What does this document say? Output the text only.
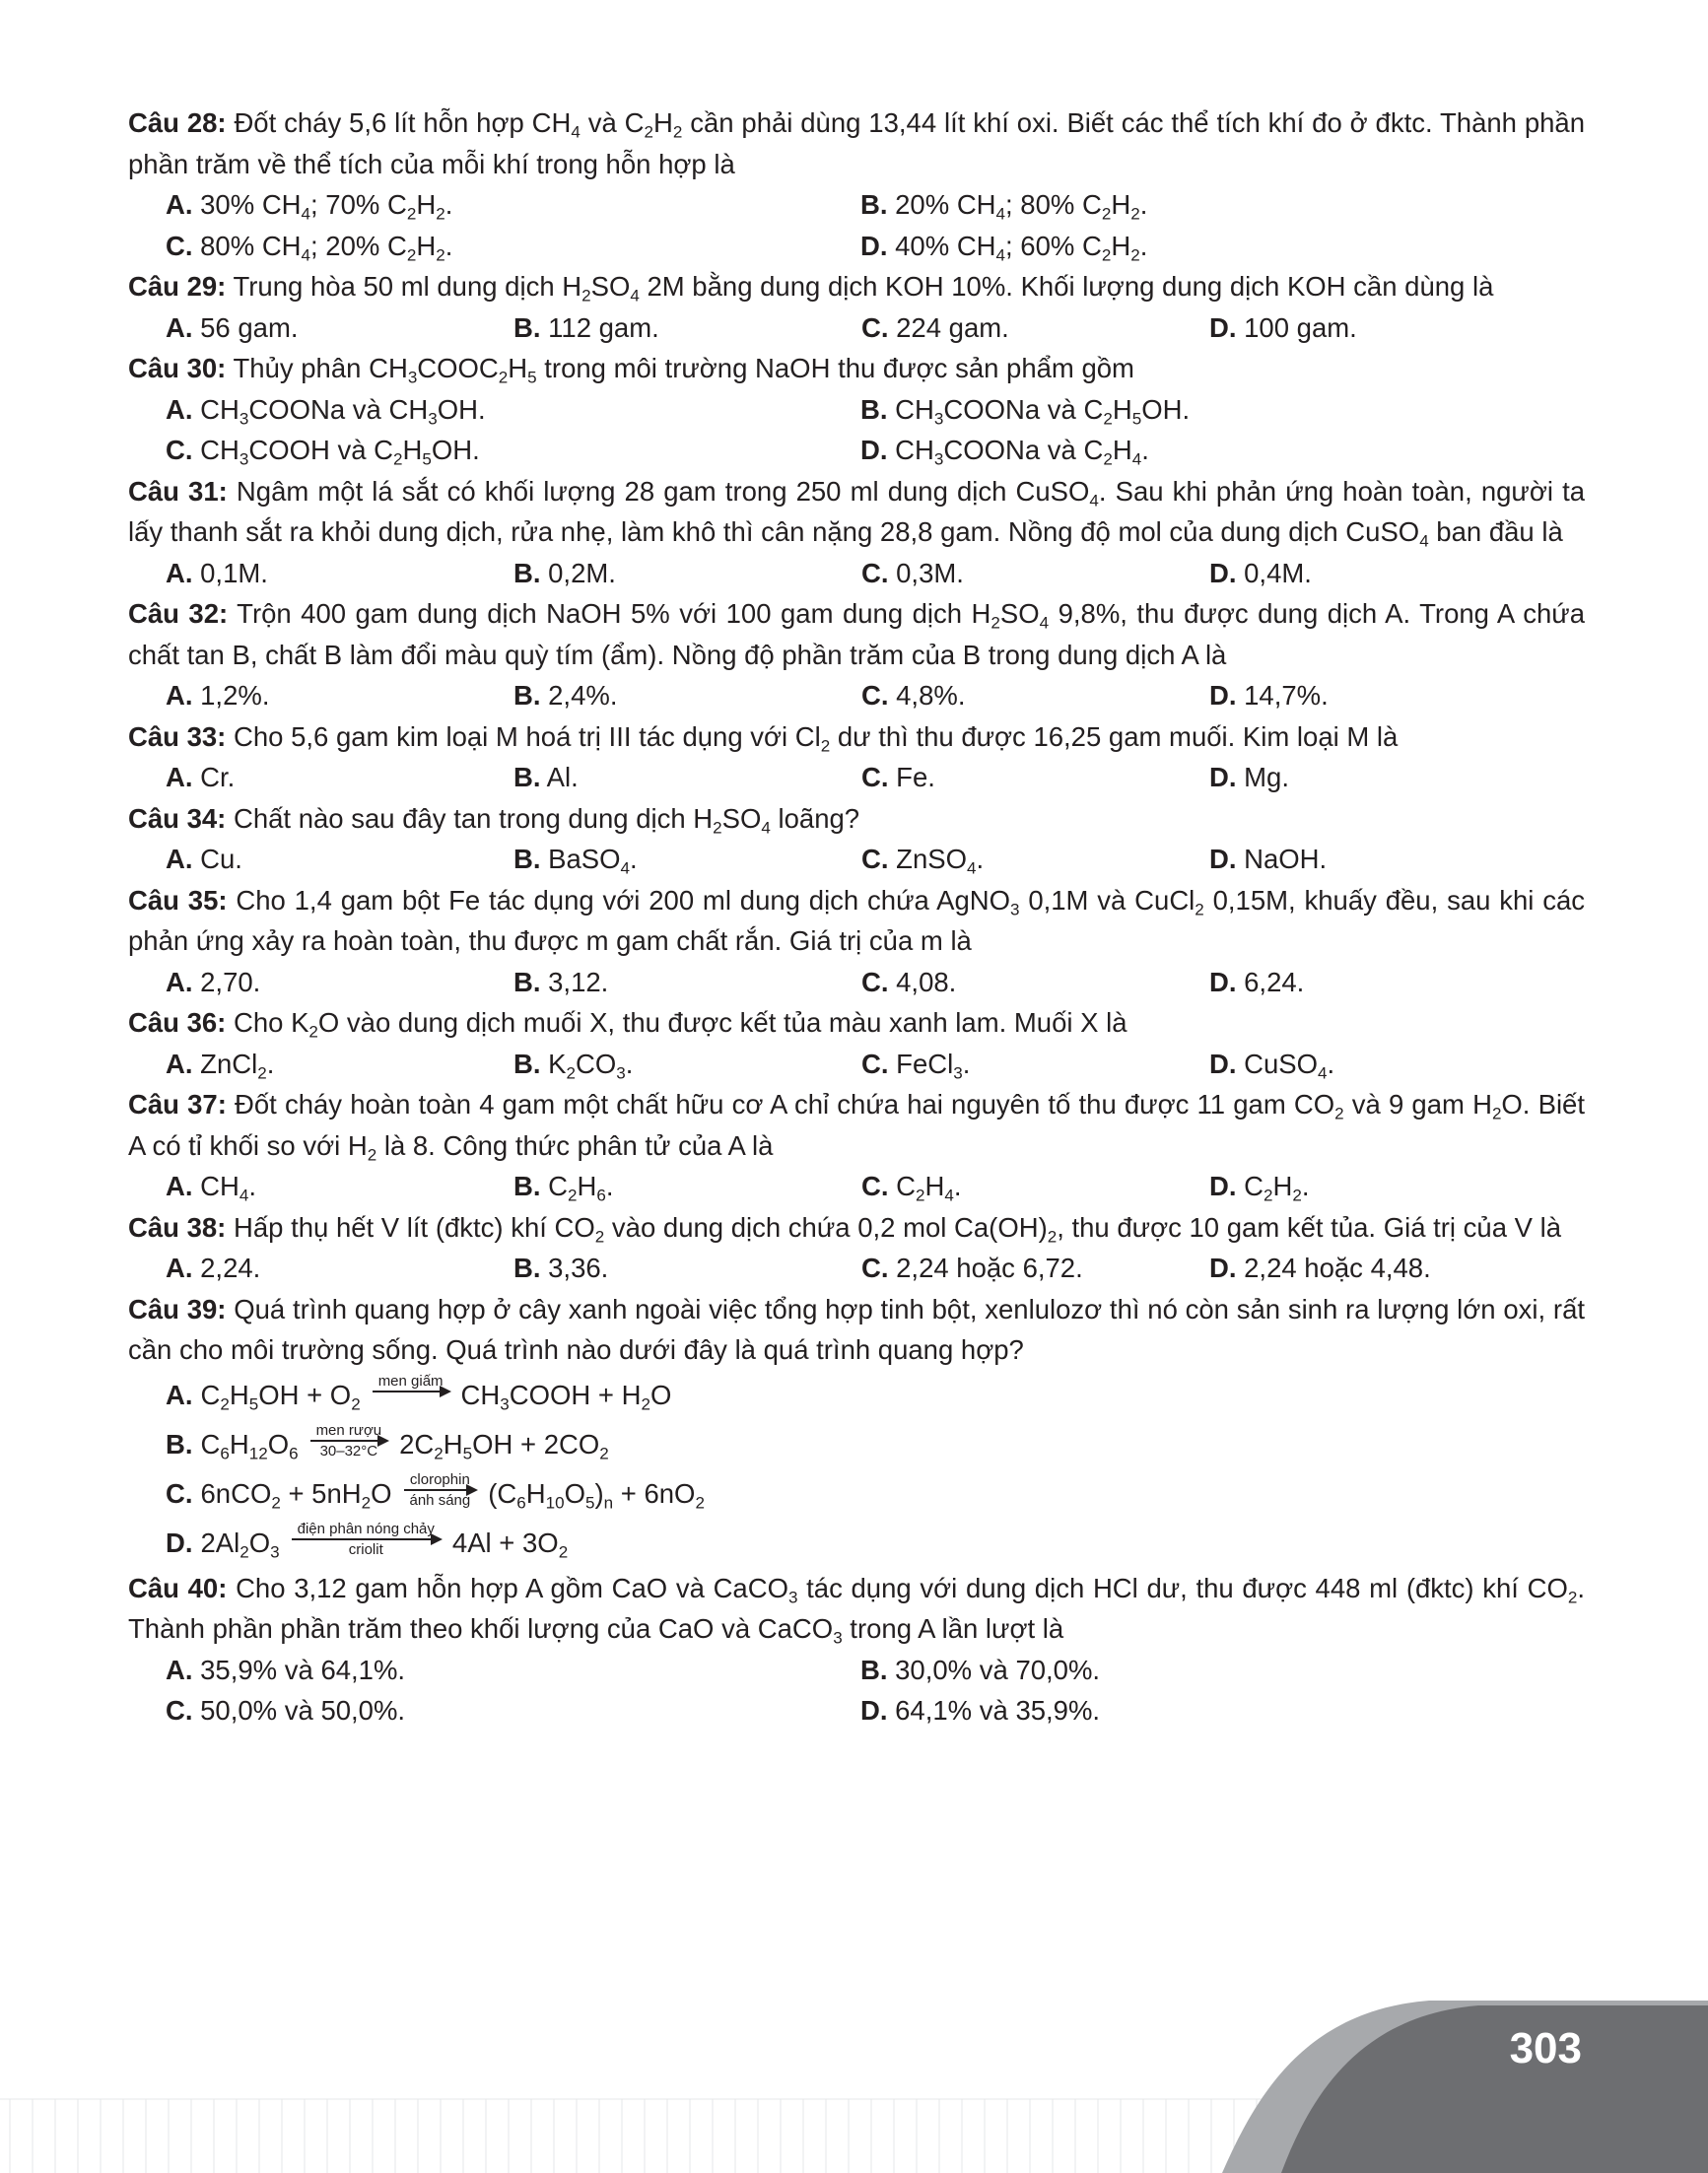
Câu 28: Đốt cháy 5,6 lít hỗn hợp $CH_4$ và $C_2H_2$ cần phải dùng 13,44 lít khí oxi. Biết các thể tích khí đo ở đktc. Thành phần phần trăm về thể tích của mỗi khí trong hỗn hợp là
A. 30% $CH_4$; 70% $C_2H_2$.	B. 20% $CH_4$; 80% $C_2H_2$.
C. 80% $CH_4$; 20% $C_2H_2$.	D. 40% $CH_4$; 60% $C_2H_2$.
Câu 29: Trung hòa 50 ml dung dịch $H_2SO_4$ 2M bằng dung dịch KOH 10%. Khối lượng dung dịch KOH cần dùng là
A. 56 gam.	B. 112 gam.	C. 224 gam.	D. 100 gam.
Câu 30: Thủy phân $CH_3COOC_2H_5$ trong môi trường NaOH thu được sản phẩm gồm
A. $CH_3COONa$ và $CH_3OH$.	B. $CH_3COONa$ và $C_2H_5OH$.
C. $CH_3COOH$ và $C_2H_5OH$.	D. $CH_3COONa$ và $C_2H_4$.
Câu 31: Ngâm một lá sắt có khối lượng 28 gam trong 250 ml dung dịch CuSO$_4$. Sau khi phản ứng hoàn toàn, người ta lấy thanh sắt ra khỏi dung dịch, rửa nhẹ, làm khô thì cân nặng 28,8 gam. Nồng độ mol của dung dịch CuSO$_4$ ban đầu là
A. 0,1M.	B. 0,2M.	C. 0,3M.	D. 0,4M.
Câu 32: Trộn 400 gam dung dịch NaOH 5% với 100 gam dung dịch $H_2SO_4$ 9,8%, thu được dung dịch A. Trong A chứa chất tan B, chất B làm đổi màu quỳ tím (ẩm). Nồng độ phần trăm của B trong dung dịch A là
A. 1,2%.	B. 2,4%.	C. 4,8%.	D. 14,7%.
Câu 33: Cho 5,6 gam kim loại M hoá trị III tác dụng với $Cl_2$ dư thì thu được 16,25 gam muối. Kim loại M là
A. Cr.	B. Al.	C. Fe.	D. Mg.
Câu 34: Chất nào sau đây tan trong dung dịch $H_2SO_4$ loãng?
A. Cu.	B. BaSO$_4$.	C. ZnSO$_4$.	D. NaOH.
Câu 35: Cho 1,4 gam bột Fe tác dụng với 200 ml dung dịch chứa AgNO$_3$ 0,1M và CuCl$_2$ 0,15M, khuấy đều, sau khi các phản ứng xảy ra hoàn toàn, thu được m gam chất rắn. Giá trị của m là
A. 2,70.	B. 3,12.	C. 4,08.	D. 6,24.
Câu 36: Cho $K_2O$ vào dung dịch muối X, thu được kết tủa màu xanh lam. Muối X là
A. ZnCl$_2$.	B. $K_2CO_3$.	C. FeCl$_3$.	D. CuSO$_4$.
Câu 37: Đốt cháy hoàn toàn 4 gam một chất hữu cơ A chỉ chứa hai nguyên tố thu được 11 gam $CO_2$ và 9 gam $H_2O$. Biết A có tỉ khối so với $H_2$ là 8. Công thức phân tử của A là
A. $CH_4$.	B. $C_2H_6$.	C. $C_2H_4$.	D. $C_2H_2$.
Câu 38: Hấp thụ hết V lít (đktc) khí $CO_2$ vào dung dịch chứa 0,2 mol $Ca(OH)_2$, thu được 10 gam kết tủa. Giá trị của V là
A. 2,24.	B. 3,36.	C. 2,24 hoặc 6,72.	D. 2,24 hoặc 4,48.
Câu 39: Quá trình quang hợp ở cây xanh ngoài việc tổng hợp tinh bột, xenlulozơ thì nó còn sản sinh ra lượng lớn oxi, rất cần cho môi trường sống. Quá trình nào dưới đây là quá trình quang hợp?
A. $C_2H_5OH + O_2$
men giấm $CH_3COOH + H_2O$
B. $C_6H_{12}O_6$
men rượu
30–32°C $2C_2H_5OH + 2CO_2$
C. $6nCO_2 + 5nH_2O$	clorophin
ánh sáng $(C_6H_{10}O_5)_n + 6nO_2$
D. $2Al_2O_3$
điện phân nóng chảy
criolit	$4Al + 3O_2$
Câu 40: Cho 3,12 gam hỗn hợp A gồm CaO và CaCO$_3$ tác dụng với dung dịch HCl dư, thu được 448 ml (đktc) khí $CO_2$. Thành phần phần trăm theo khối lượng của CaO và CaCO$_3$ trong A lần lượt là
A. 35,9% và 64,1%.	B. 30,0% và 70,0%.
C. 50,0% và 50,0%.	D. 64,1% và 35,9%.
303
